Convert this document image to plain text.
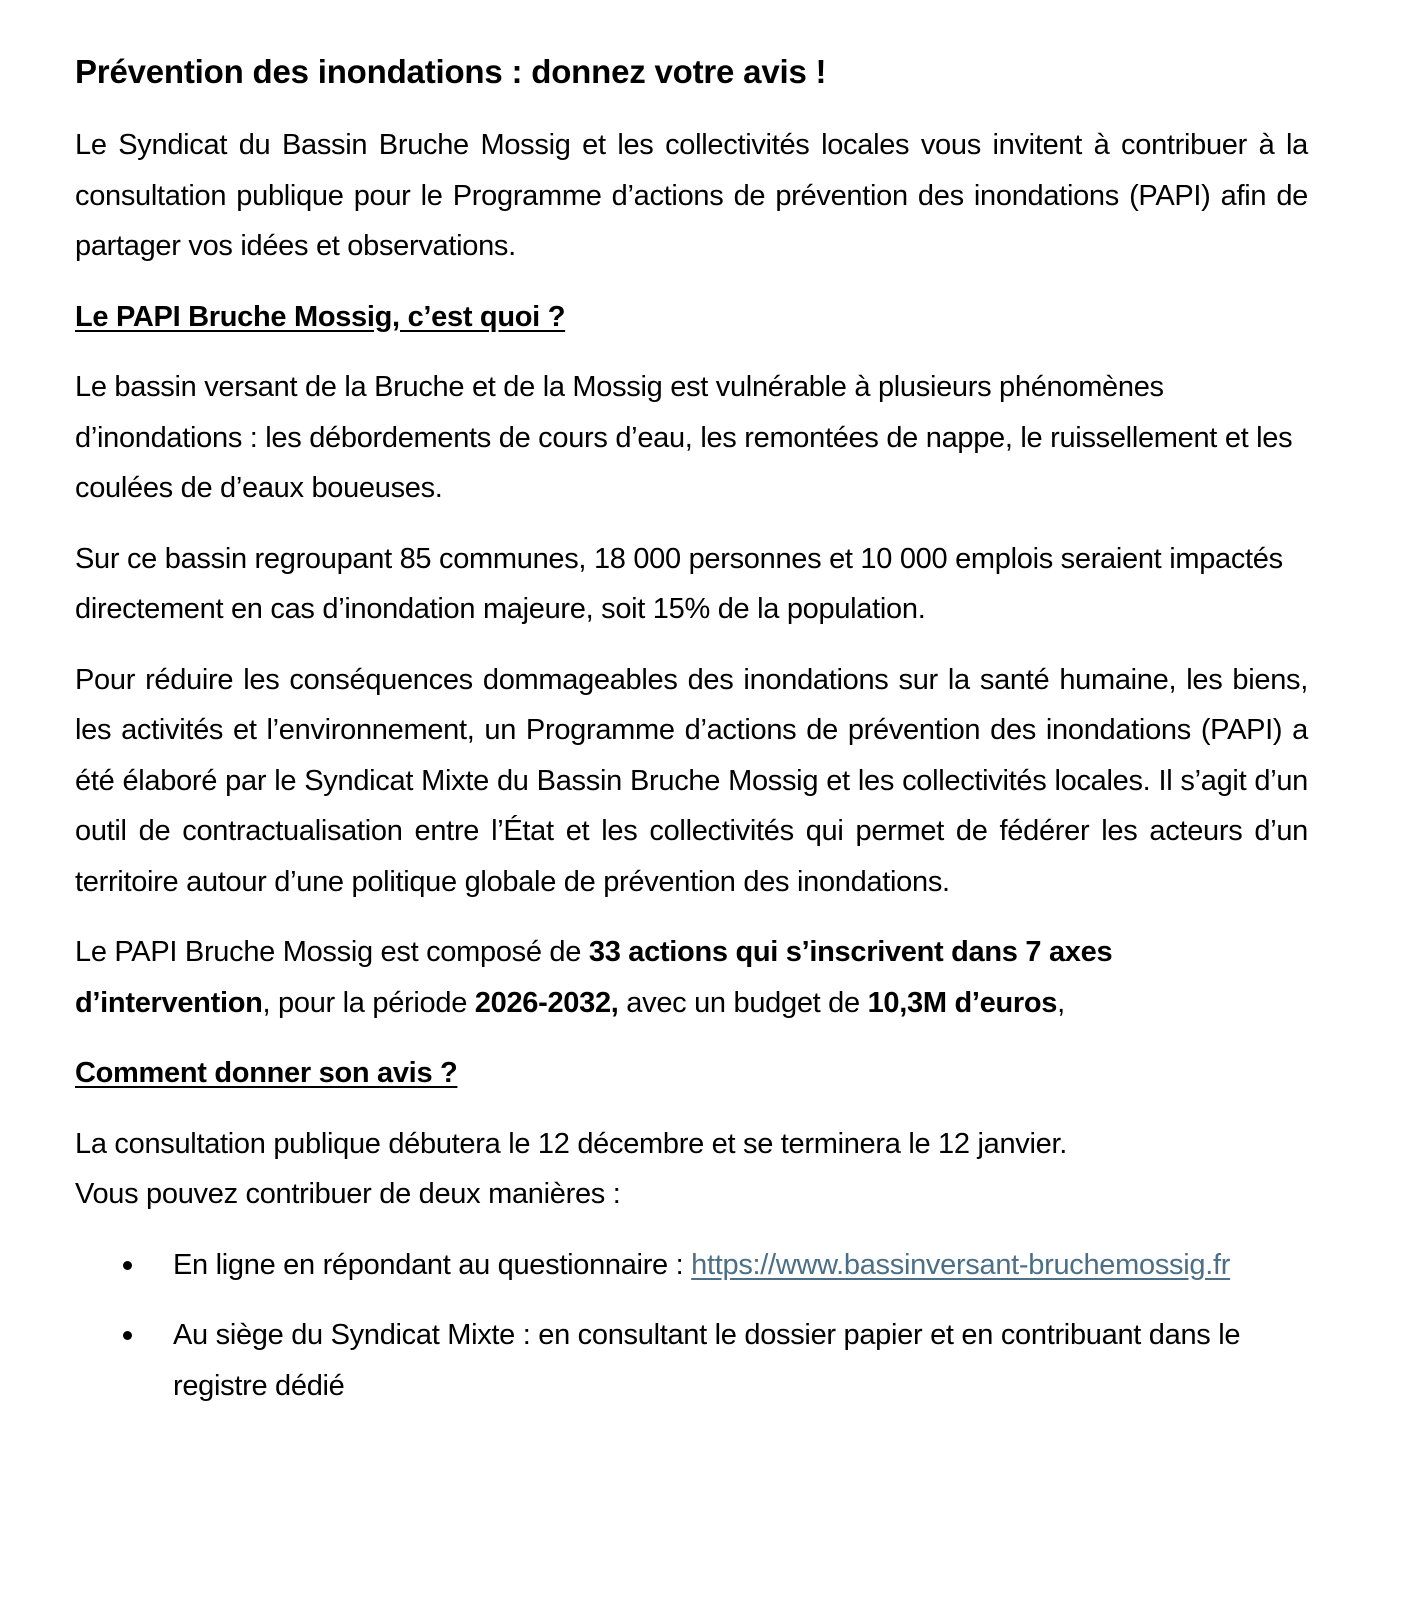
Prévention des inondations : donnez votre avis !

Le Syndicat du Bassin Bruche Mossig et les collectivités locales vous invitent à contribuer à la consultation publique pour le Programme d’actions de prévention des inondations (PAPI) afin de partager vos idées et observations.

Le PAPI Bruche Mossig, c’est quoi ?

Le bassin versant de la Bruche et de la Mossig est vulnérable à plusieurs phénomènes d’inondations : les débordements de cours d’eau, les remontées de nappe, le ruissellement et les coulées de d’eaux boueuses.

Sur ce bassin regroupant 85 communes, 18 000 personnes et 10 000 emplois seraient impactés directement en cas d’inondation majeure, soit 15% de la population.

Pour réduire les conséquences dommageables des inondations sur la santé humaine, les biens, les activités et l’environnement, un Programme d’actions de prévention des inondations (PAPI) a été élaboré par le Syndicat Mixte du Bassin Bruche Mossig et les collectivités locales. Il s’agit d’un outil de contractualisation entre l’État et les collectivités qui permet de fédérer les acteurs d’un territoire autour d’une politique globale de prévention des inondations.

Le PAPI Bruche Mossig est composé de 33 actions qui s’inscrivent dans 7 axes d’intervention, pour la période 2026-2032, avec un budget de 10,3M d’euros,

Comment donner son avis ?

La consultation publique débutera le 12 décembre et se terminera le 12 janvier.
Vous pouvez contribuer de deux manières :

En ligne en répondant au questionnaire : https://www.bassinversant-bruchemossig.fr
Au siège du Syndicat Mixte : en consultant le dossier papier et en contribuant dans le registre dédié
